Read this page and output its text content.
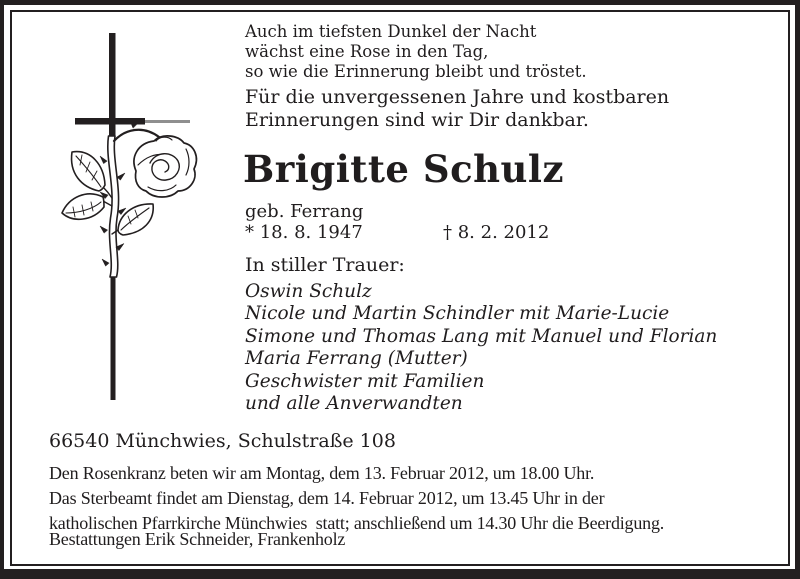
Auch im tiefsten Dunkel der Nacht
wächst eine Rose in den Tag,
so wie die Erinnerung bleibt und tröstet.
Für die unvergessenen Jahre und kostbaren
Erinnerungen sind wir Dir dankbar.
Brigitte Schulz
geb. Ferrang
* 18. 8. 1947	† 8. 2. 2012
In stiller Trauer:
Oswin Schulz
Nicole und Martin Schindler mit Marie-Lucie
Simone und Thomas Lang mit Manuel und Florian
Maria Ferrang (Mutter)
Geschwister mit Familien
und alle Anverwandten
66540 Münchwies, Schulstraße 108
Den Rosenkranz beten wir am Montag, dem 13. Februar 2012, um 18.00 Uhr.
Das Sterbeamt findet am Dienstag, dem 14. Februar 2012, um 13.45 Uhr in der
katholischen Pfarrkirche Münchwies  statt; anschließend um 14.30 Uhr die Beerdigung.
Bestattungen Erik Schneider, Frankenholz
